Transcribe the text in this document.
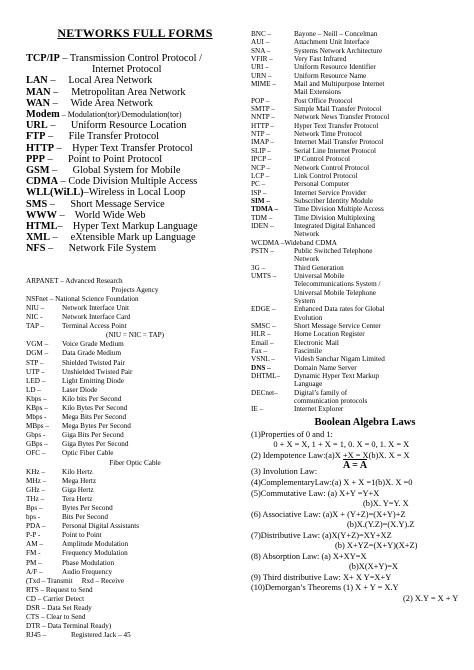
NETWORKS FULL FORMS
TCP/IP – Transmission Control Protocol /
Internet Protocol
LAN –     Local Area Network
MAN –     Metropolitan Area Network
WAN –     Wide Area Network
Modem – Modulation(tor)/Demodulation(tor)
URL –      Uniform Resource Location
FTP –      File Transfer Protocol
HTTP –    Hyper Text Transfer Protocol
PPP –      Point to Point Protocol
GSM –      Global System for Mobile
CDMA – Code Division Multiple Access
WLL(WiLL) –Wireless in Local Loop
SMS –      Short Message Service
WWW –    World Wide Web
HTML –    Hyper Text Markup Language
XML –     eXtensible Mark up Language
NFS –      Network File System
ARPANET – Advanced Research
Projects Agency
NSFnet – National Science Foundation
NIU –	Network Interface Unit
NIC -	Network Interface Card
TAP –	Terminal Access Point
(NIU = NIC = TAP)
VGM –	Voice Grade Medium
DGM –	Data Grade Medium
STP –	Shielded Twisted Pair
UTP –	Unshielded Twisted Pair
LED –	Light Emitting Diode
LD –	Laser Diode
Kbps –	Kilo bits Per Second
KBps –	Kilo Bytes Per Second
Mbps -	Mega Bits Per Second
MBps –	Mega Bytes Per Second
Gbps -	Giga Bits Per Second
GBps –	Giga Bytes Per Second
OFC –	Optic Fiber Cable
Fiber Optic Cable
KHz –	Kilo Hertz
MHz –	Mega Hertz
GHz –	Giga Hertz
THz –	Tera Hertz
Bps –	Bytes Per Second
bps -	Bits Per Second
PDA –	Personal Digital Assistants
P-P -	Point to Point
AM –	Amplitude Modulation
FM -	Frequency Modulation
PM –	Phase Modulation
A/F –	Audio Frequency
(Txd – Transmit Rxd – Receive
RTS – Request to Send
CD – Carrier Detect
DSR – Data Set Ready
CTS – Clear to Send
DTR – Data Terminal Ready)
RJ45 –	Registered Jack – 45
BNC –	Bayone – Neill – Concelman
AUI –	Attachment Unit Interface
SNA –	Systems Network Architecture
VFIR –	Very Fast Infrared
URI –	Uniform Resource Identifier
URN –	Uniform Resource Name
MIME –	Mail and Multipurpose Internet
Mail Extensions
POP –	Post Office Protocol
SMTP –	Simple Mail Transfer Protocol
NNTP –	Network News Transfer Protocol
HTTP –	Hyper Text Transfer Protocol
NTP –	Network Time Protocol
IMAP –	Internet Mail Transfer Protocol
SLIP –	Serial Line Internet Protocol
IPCP –	IP Control Protocol
NCP –	Network Control Protocol
LCP –	Link Control Protocol
PC –	Personal Computer
ISP –	Internet Service Provider
SIM –	Subscriber Identity Module
TDMA –	Time Division Multiple Access
TDM –	Time Division Multiplexing
IDEN –	Integrated Digital Enhanced
Network
WCDMA –Wideband CDMA
PSTN –	Public Switched Telephone
Network
3G –	Third Generation
UMTS –	Universal Mobile
Telecommunications System /
Universal Mobile Telephone
System
EDGE –	Enhanced Data rates for Global
Evolution
SMSC –	Short Message Service Center
HLR –	Home Location Register
Email –	Electronic Mail
Fax –	Fascimile
VSNL –	Videsh Sanchar Nigam Limited
DNS –	Domain Name Server
DHTML–	Dynamic Hyper Text Markup
Language
DECnet–	Digital’s family of
communication protocols
IE –	Internet Explorer
Boolean Algebra Laws
(1)Properties of 0 and 1:
0 + X = X, 1 + X = 1, 0. X = 0, 1. X = X
(2) Idempotence Law:(a)X +X = X(b)X. X = X
A = A
(3) Involution Law:
(4)ComplementaryLaw:(a) X + X =1(b)X. X =0
(5)Commutative Law: (a) X+Y =Y+X
(b)X. Y=Y. X
(6) Associative Law: (a)X + (Y+Z)=(X+Y)+Z
(b)X.(Y.Z)=(X.Y).Z
(7)Distributive Law: (a)X(Y+Z)=XY+XZ
(b) X+YZ=(X+Y)(X+Z)
(8) Absorption Law: (a) X+XY=X
(b)X(X+Y)=X
(9) Third distributive Law: X+ X Y=X+Y
(10)Demorgan’s Theorems (1) X + Y = X.Y
(2) X.Y = X + Y
